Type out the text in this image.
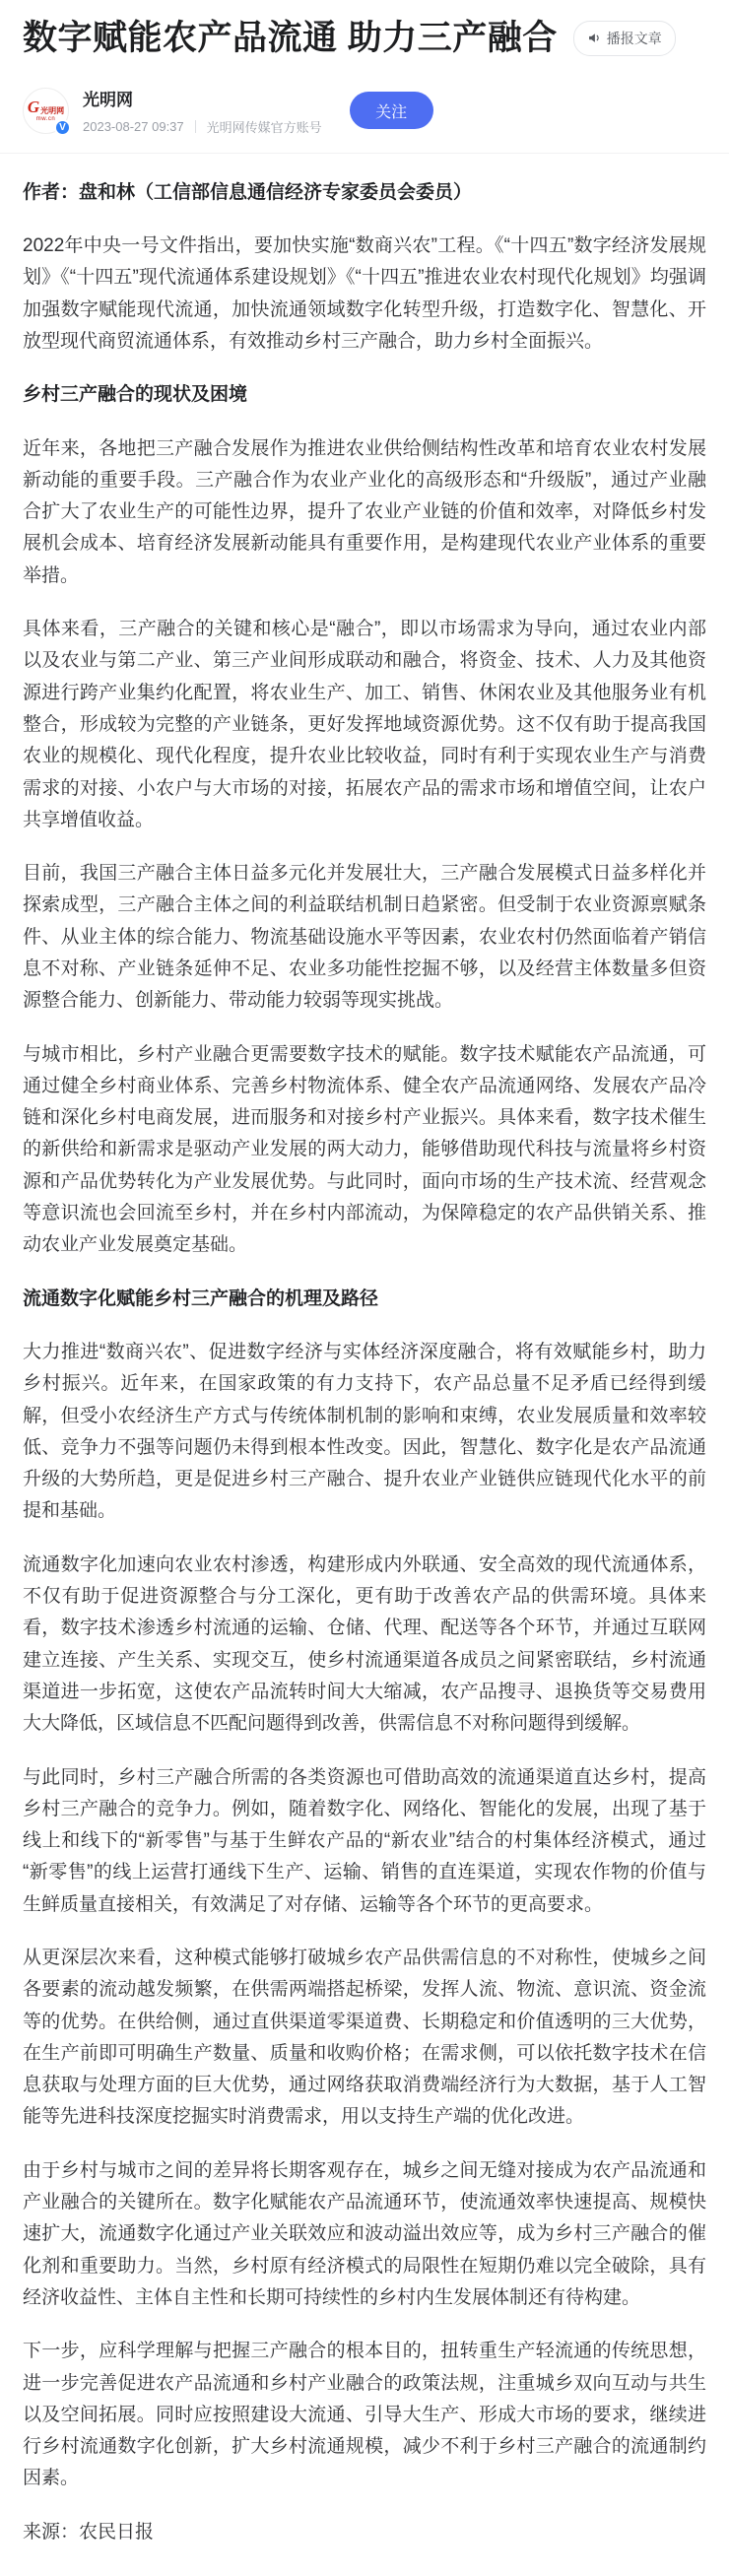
数字赋能农产品流通 助力三产融合	播报文章
G 光明网
mw.cn
V
光明网
2023-08-27 09:37 光明网传媒官方账号
关注

作者：盘和林（工信部信息通信经济专家委员会委员）

2022年中央一号文件指出，要加快实施“数商兴农”工程。《“十四五”数字经济发展规划》《“十四五”现代流通体系建设规划》《“十四五”推进农业农村现代化规划》均强调加强数字赋能现代流通，加快流通领域数字化转型升级，打造数字化、智慧化、开放型现代商贸流通体系，有效推动乡村三产融合，助力乡村全面振兴。

乡村三产融合的现状及困境

近年来，各地把三产融合发展作为推进农业供给侧结构性改革和培育农业农村发展新动能的重要手段。三产融合作为农业产业化的高级形态和“升级版”，通过产业融合扩大了农业生产的可能性边界，提升了农业产业链的价值和效率，对降低乡村发展机会成本、培育经济发展新动能具有重要作用，是构建现代农业产业体系的重要举措。

具体来看，三产融合的关键和核心是“融合”，即以市场需求为导向，通过农业内部以及农业与第二产业、第三产业间形成联动和融合，将资金、技术、人力及其他资源进行跨产业集约化配置，将农业生产、加工、销售、休闲农业及其他服务业有机整合，形成较为完整的产业链条，更好发挥地域资源优势。这不仅有助于提高我国农业的规模化、现代化程度，提升农业比较收益，同时有利于实现农业生产与消费需求的对接、小农户与大市场的对接，拓展农产品的需求市场和增值空间，让农户共享增值收益。

目前，我国三产融合主体日益多元化并发展壮大，三产融合发展模式日益多样化并探索成型，三产融合主体之间的利益联结机制日趋紧密。但受制于农业资源禀赋条件、从业主体的综合能力、物流基础设施水平等因素，农业农村仍然面临着产销信息不对称、产业链条延伸不足、农业多功能性挖掘不够，以及经营主体数量多但资源整合能力、创新能力、带动能力较弱等现实挑战。

与城市相比，乡村产业融合更需要数字技术的赋能。数字技术赋能农产品流通，可通过健全乡村商业体系、完善乡村物流体系、健全农产品流通网络、发展农产品冷链和深化乡村电商发展，进而服务和对接乡村产业振兴。具体来看，数字技术催生的新供给和新需求是驱动产业发展的两大动力，能够借助现代科技与流量将乡村资源和产品优势转化为产业发展优势。与此同时，面向市场的生产技术流、经营观念等意识流也会回流至乡村，并在乡村内部流动，为保障稳定的农产品供销关系、推动农业产业发展奠定基础。

流通数字化赋能乡村三产融合的机理及路径

大力推进“数商兴农”、促进数字经济与实体经济深度融合，将有效赋能乡村，助力乡村振兴。近年来，在国家政策的有力支持下，农产品总量不足矛盾已经得到缓解，但受小农经济生产方式与传统体制机制的影响和束缚，农业发展质量和效率较低、竞争力不强等问题仍未得到根本性改变。因此，智慧化、数字化是农产品流通升级的大势所趋，更是促进乡村三产融合、提升农业产业链供应链现代化水平的前提和基础。

流通数字化加速向农业农村渗透，构建形成内外联通、安全高效的现代流通体系，不仅有助于促进资源整合与分工深化，更有助于改善农产品的供需环境。具体来看，数字技术渗透乡村流通的运输、仓储、代理、配送等各个环节，并通过互联网建立连接、产生关系、实现交互，使乡村流通渠道各成员之间紧密联结，乡村流通渠道进一步拓宽，这使农产品流转时间大大缩减，农产品搜寻、退换货等交易费用大大降低，区域信息不匹配问题得到改善，供需信息不对称问题得到缓解。

与此同时，乡村三产融合所需的各类资源也可借助高效的流通渠道直达乡村，提高乡村三产融合的竞争力。例如，随着数字化、网络化、智能化的发展，出现了基于线上和线下的“新零售”与基于生鲜农产品的“新农业”结合的村集体经济模式，通过“新零售”的线上运营打通线下生产、运输、销售的直连渠道，实现农作物的价值与生鲜质量直接相关，有效满足了对存储、运输等各个环节的更高要求。

从更深层次来看，这种模式能够打破城乡农产品供需信息的不对称性，使城乡之间各要素的流动越发频繁，在供需两端搭起桥梁，发挥人流、物流、意识流、资金流等的优势。在供给侧，通过直供渠道零渠道费、长期稳定和价值透明的三大优势，在生产前即可明确生产数量、质量和收购价格；在需求侧，可以依托数字技术在信息获取与处理方面的巨大优势，通过网络获取消费端经济行为大数据，基于人工智能等先进科技深度挖掘实时消费需求，用以支持生产端的优化改进。

由于乡村与城市之间的差异将长期客观存在，城乡之间无缝对接成为农产品流通和产业融合的关键所在。数字化赋能农产品流通环节，使流通效率快速提高、规模快速扩大，流通数字化通过产业关联效应和波动溢出效应等，成为乡村三产融合的催化剂和重要助力。当然，乡村原有经济模式的局限性在短期仍难以完全破除，具有经济收益性、主体自主性和长期可持续性的乡村内生发展体制还有待构建。

下一步，应科学理解与把握三产融合的根本目的，扭转重生产轻流通的传统思想，进一步完善促进农产品流通和乡村产业融合的政策法规，注重城乡双向互动与共生以及空间拓展。同时应按照建设大流通、引导大生产、形成大市场的要求，继续进行乡村流通数字化创新，扩大乡村流通规模，减少不利于乡村三产融合的流通制约因素。

来源：农民日报
